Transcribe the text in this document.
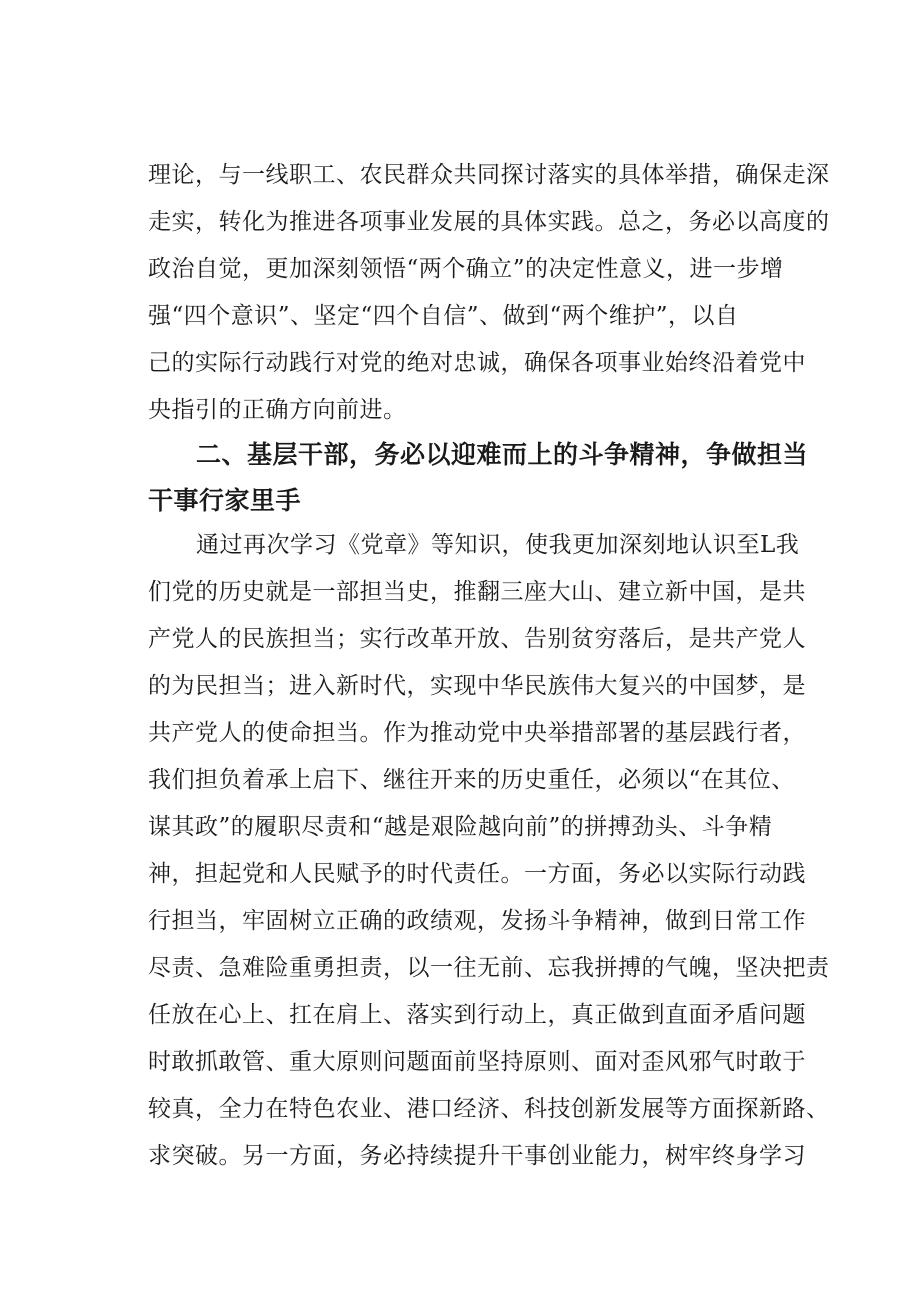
理论，与一线职工、农民群众共同探讨落实的具体举措，确保走深
走实，转化为推进各项事业发展的具体实践。总之，务必以高度的
政治自觉，更加深刻领悟“两个确立”的决定性意义，进一步增
强“四个意识”、坚定“四个自信”、做到“两个维护”，以自
己的实际行动践行对党的绝对忠诚，确保各项事业始终沿着党中
央指引的正确方向前进。
二、基层干部，务必以迎难而上的斗争精神，争做担当
干事行家里手
通过再次学习《党章》等知识，使我更加深刻地认识至L我
们党的历史就是一部担当史，推翻三座大山、建立新中国，是共
产党人的民族担当；实行改革开放、告别贫穷落后，是共产党人
的为民担当；进入新时代，实现中华民族伟大复兴的中国梦，是
共产党人的使命担当。作为推动党中央举措部署的基层践行者，
我们担负着承上启下、继往开来的历史重任，必须以“在其位、
谋其政”的履职尽责和“越是艰险越向前”的拼搏劲头、斗争精
神，担起党和人民赋予的时代责任。一方面，务必以实际行动践
行担当，牢固树立正确的政绩观，发扬斗争精神，做到日常工作
尽责、急难险重勇担责，以一往无前、忘我拼搏的气魄，坚决把责
任放在心上、扛在肩上、落实到行动上，真正做到直面矛盾问题
时敢抓敢管、重大原则问题面前坚持原则、面对歪风邪气时敢于
较真，全力在特色农业、港口经济、科技创新发展等方面探新路、
求突破。另一方面，务必持续提升干事创业能力，树牢终身学习
